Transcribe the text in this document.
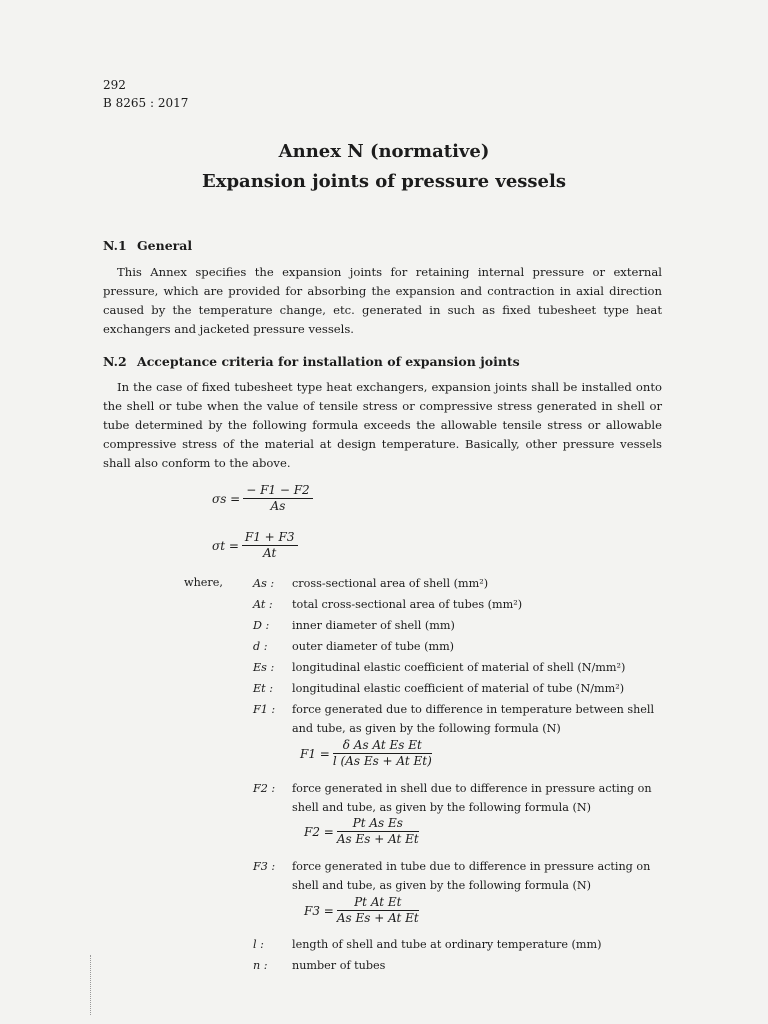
292
B 8265 : 2017
Annex N (normative)
Expansion joints of pressure vessels
N.1 General
This Annex specifies the expansion joints for retaining internal pressure or external pressure, which are provided for absorbing the expansion and contraction in axial direction caused by the temperature change, etc. generated in such as fixed tubesheet type heat exchangers and jacketed pressure vessels.
N.2 Acceptance criteria for installation of expansion joints
In the case of fixed tubesheet type heat exchangers, expansion joints shall be installed onto the shell or tube when the value of tensile stress or compressive stress generated in shell or tube determined by the following formula exceeds the allowable tensile stress or allowable compressive stress of the material at design temperature. Basically, other pressure vessels shall also conform to the above.
$\sigma s = \frac{- F1 - F2}{As}$
$\sigma t = \frac{F1 + F3}{At}$
where,	As :	cross-sectional area of shell (mm²)
At :	total cross-sectional area of tubes (mm²)
D :	inner diameter of shell (mm)
d :	outer diameter of tube (mm)
Es :	longitudinal elastic coefficient of material of shell (N/mm²)
Et :	longitudinal elastic coefficient of material of tube (N/mm²)
F1 :	force generated due to difference in temperature between shell and tube, as given by the following formula (N)
$F1 = \frac{\text{δ As At Es Et}}{\text{l (As Es + At Et)}}$
F2 :	force generated in shell due to difference in pressure acting on shell and tube, as given by the following formula (N)
$F2 = \frac{\text{Pt As Es}}{\text{As Es + At Et}}$
F3 :	force generated in tube due to difference in pressure acting on shell and tube, as given by the following formula (N)
$F3 = \frac{\text{Pt At Et}}{\text{As Es + At Et}}$
l :	length of shell and tube at ordinary temperature (mm)
n :	number of tubes
